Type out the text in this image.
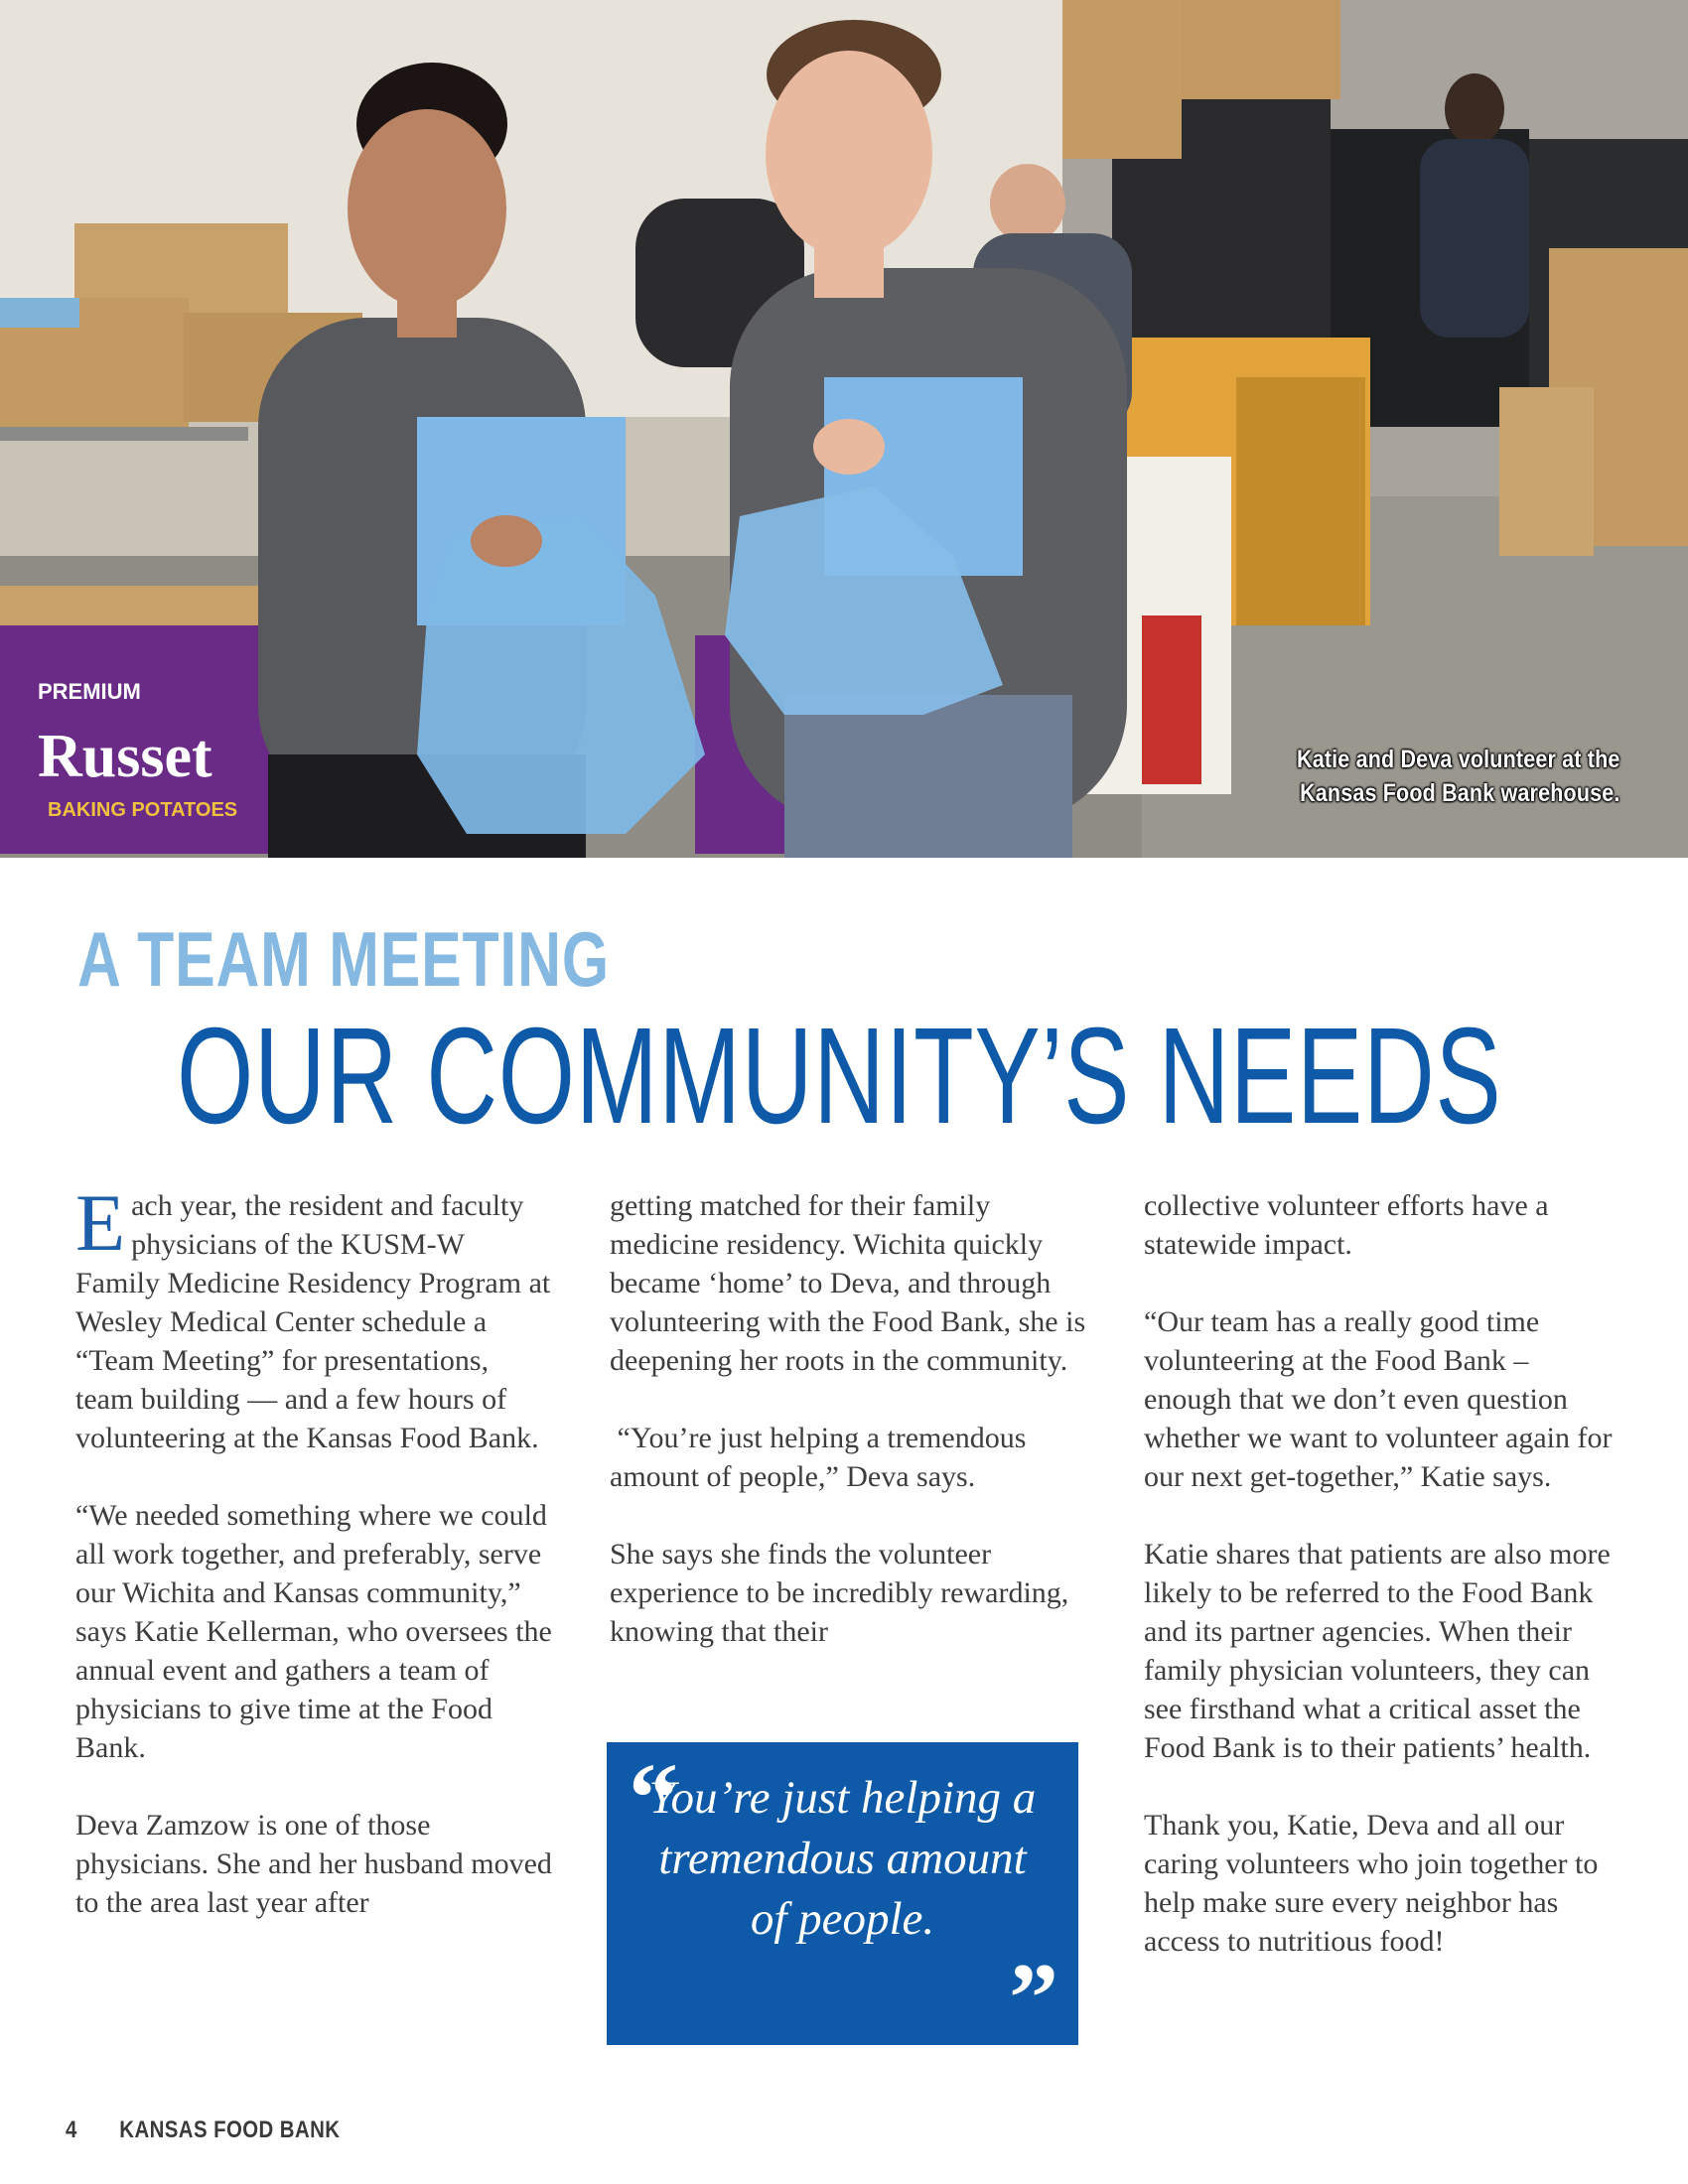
PREMIUM
Russet
BAKING POTATOES
Katie and Deva volunteer at the
Kansas Food Bank warehouse.
A TEAM MEETING
OUR COMMUNITY’S NEEDS

Each year, the resident and faculty physicians of the KUSM-W Family Medicine Residency Program at Wesley Medical Center schedule a “Team Meeting” for presentations, team building — and a few hours of volunteering at the Kansas Food Bank.

“We needed something where we could all work together, and preferably, serve our Wichita and Kansas community,” says Katie Kellerman, who oversees the annual event and gathers a team of physicians to give time at the Food Bank.

Deva Zamzow is one of those physicians. She and her husband moved to the area last year after

getting matched for their family medicine residency. Wichita quickly became ‘home’ to Deva, and through volunteering with the Food Bank, she is deepening her roots in the community.

“You’re just helping a tremendous amount of people,” Deva says.

She says she finds the volunteer experience to be incredibly rewarding, knowing that their

“
You’re just helping a tremendous amount of people.
”

collective volunteer efforts have a statewide impact.

“Our team has a really good time volunteering at the Food Bank – enough that we don’t even question whether we want to volunteer again for our next get-together,” Katie says.

Katie shares that patients are also more likely to be referred to the Food Bank and its partner agencies. When their family physician volunteers, they can see firsthand what a critical asset the Food Bank is to their patients’ health.

Thank you, Katie, Deva and all our caring volunteers who join together to help make sure every neighbor has access to nutritious food!

4 KANSAS FOOD BANK
